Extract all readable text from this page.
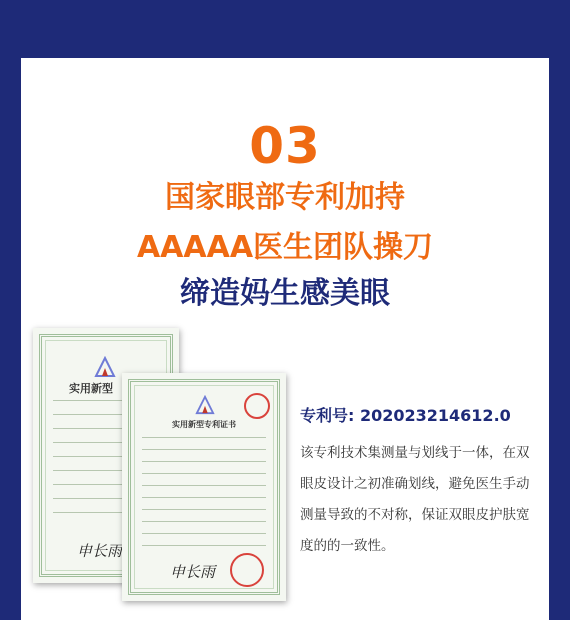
03
国家眼部专利加持
AAAAA医生团队操刀
缔造妈生感美眼
实用新型
申长雨
实用新型专利证书
申长雨
专利号: 202023214612.0
该专利技术集测量与划线于一体，在双眼皮设计之初准确划线，避免医生手动测量导致的不对称，保证双眼皮护肤宽度的的一致性。
